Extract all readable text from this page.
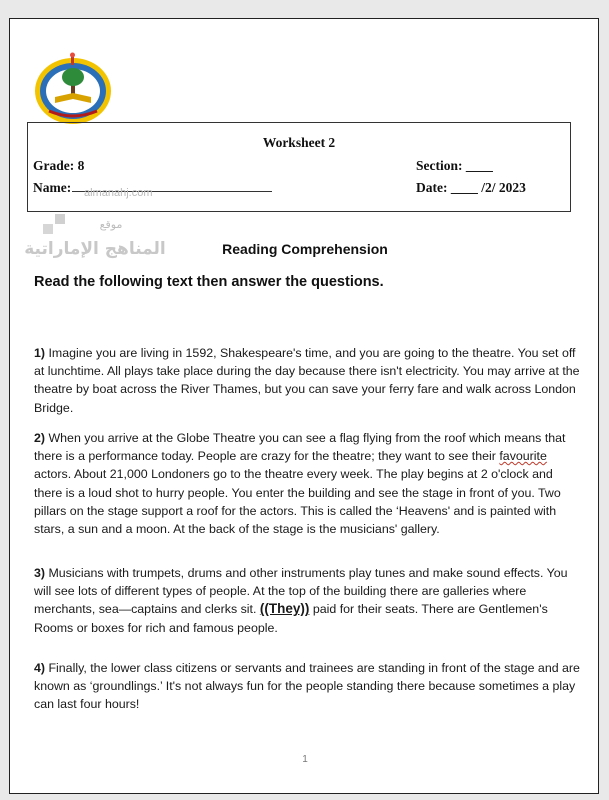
Worksheet 2
Grade: 8	Section: ____
Name:	Date: ____ /2/ 2023
almanahj.com
موقع
المناهج الإماراتية	Reading Comprehension
Read the following text then answer the questions.
1) Imagine you are living in 1592, Shakespeare's time, and you are going to the theatre. You set off at lunchtime. All plays take place during the day because there isn't electricity. You may arrive at the theatre by boat across the River Thames, but you can save your ferry fare and walk across London Bridge.
2) When you arrive at the Globe Theatre you can see a flag flying from the roof which means that there is a performance today. People are crazy for the theatre; they want to see their favourite actors. About 21,000 Londoners go to the theatre every week. The play begins at 2 o'clock and there is a loud shot to hurry people. You enter the building and see the stage in front of you. Two pillars on the stage support a roof for the actors. This is called the ‘Heavens' and is painted with stars, a sun and a moon. At the back of the stage is the musicians' gallery.
3) Musicians with trumpets, drums and other instruments play tunes and make sound effects. You will see lots of different types of people. At the top of the building there are galleries where merchants, sea—captains and clerks sit. ((They)) paid for their seats. There are Gentlemen's Rooms or boxes for rich and famous people.
4) Finally, the lower class citizens or servants and trainees are standing in front of the stage and are known as ‘groundlings.’ It's not always fun for the people standing there because sometimes a play can last four hours!
1
